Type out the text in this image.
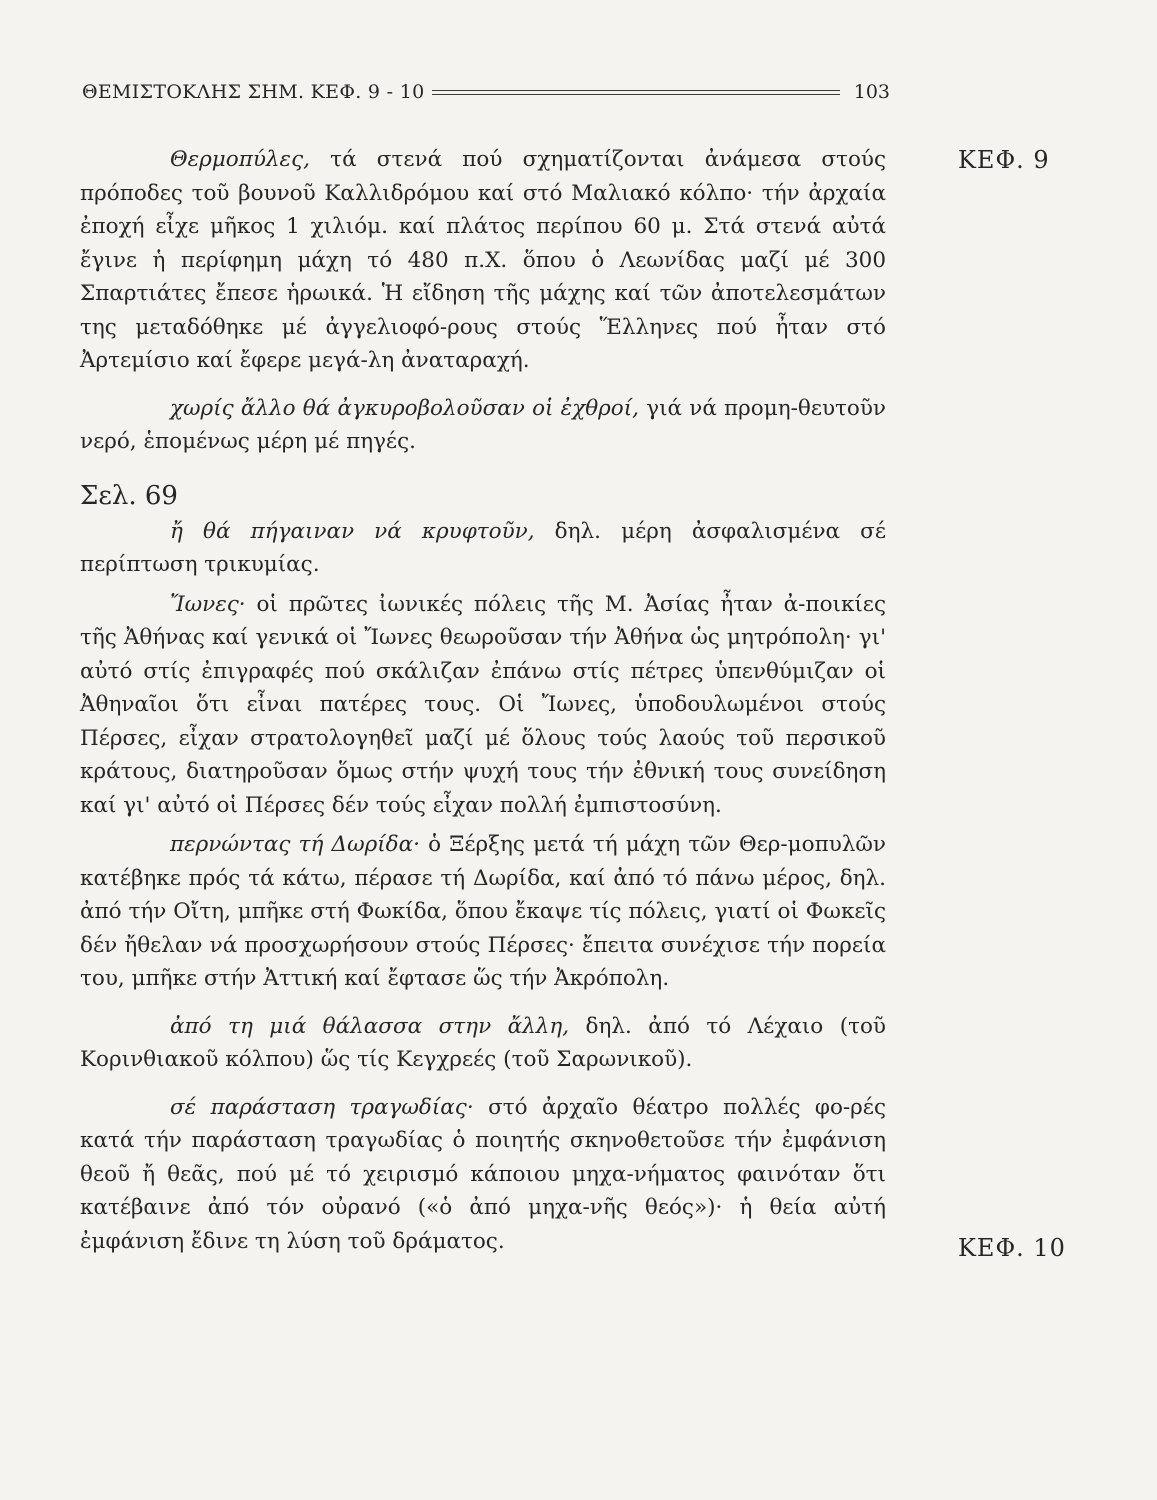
ΘΕΜΙΣΤΟΚΛΗΣ ΣΗΜ. ΚΕΦ. 9 - 10	103
ΚΕΦ. 9
ΚΕΦ. 10

Θερμοπύλες, τά στενά πού σχηματίζονται ἀνάμεσα στούς πρόποδες τοῦ βουνοῦ Καλλιδρόμου καί στό Μαλιακό κόλπο· τήν ἀρχαία ἐποχή εἶχε μῆκος 1 χιλιόμ. καί πλάτος περίπου 60 μ. Στά στενά αὐτά ἔγινε ἡ περίφημη μάχη τό 480 π.Χ. ὅπου ὁ Λεωνίδας μαζί μέ 300 Σπαρτιάτες ἔπεσε ἡρωικά. Ἡ εἴδηση τῆς μάχης καί τῶν ἀποτελεσμάτων της μεταδόθηκε μέ ἀγγελιοφό-ρους στούς Ἕλληνες πού ἦταν στό Ἀρτεμίσιο καί ἔφερε μεγά-λη ἀναταραχή.

χωρίς ἄλλο θά ἀγκυροβολοῦσαν οἱ ἐχθροί, γιά νά προμη-θευτοῦν νερό, ἑπομένως μέρη μέ πηγές.

Σελ. 69

ἤ θά πήγαιναν νά κρυφτοῦν, δηλ. μέρη ἀσφαλισμένα σέ περίπτωση τρικυμίας.

Ἴωνες· οἱ πρῶτες ἰωνικές πόλεις τῆς Μ. Ἀσίας ἦταν ἀ-ποικίες τῆς Ἀθήνας καί γενικά οἱ Ἴωνες θεωροῦσαν τήν Ἀθήνα ὡς μητρόπολη· γι' αὐτό στίς ἐπιγραφές πού σκάλιζαν ἐπάνω στίς πέτρες ὑπενθύμιζαν οἱ Ἀθηναῖοι ὅτι εἶναι πατέρες τους. Οἱ Ἴωνες, ὑποδουλωμένοι στούς Πέρσες, εἶχαν στρατολογηθεῖ μαζί μέ ὅλους τούς λαούς τοῦ περσικοῦ κράτους, διατηροῦσαν ὅμως στήν ψυχή τους τήν ἐθνική τους συνείδηση καί γι' αὐτό οἱ Πέρσες δέν τούς εἶχαν πολλή ἐμπιστοσύνη.

περνώντας τή Δωρίδα· ὁ Ξέρξης μετά τή μάχη τῶν Θερ-μοπυλῶν κατέβηκε πρός τά κάτω, πέρασε τή Δωρίδα, καί ἀπό τό πάνω μέρος, δηλ. ἀπό τήν Οἴτη, μπῆκε στή Φωκίδα, ὅπου ἔκαψε τίς πόλεις, γιατί οἱ Φωκεῖς δέν ἤθελαν νά προσχωρήσουν στούς Πέρσες· ἔπειτα συνέχισε τήν πορεία του, μπῆκε στήν Ἀττική καί ἔφτασε ὥς τήν Ἀκρόπολη.

ἀπό τη μιά θάλασσα στην ἄλλη, δηλ. ἀπό τό Λέχαιο (τοῦ Κορινθιακοῦ κόλπου) ὥς τίς Κεγχρεές (τοῦ Σαρωνικοῦ).

σέ παράσταση τραγωδίας· στό ἀρχαῖο θέατρο πολλές φο-ρές κατά τήν παράσταση τραγωδίας ὁ ποιητής σκηνοθετοῦσε τήν ἐμφάνιση θεοῦ ἤ θεᾶς, πού μέ τό χειρισμό κάποιου μηχα-νήματος φαινόταν ὅτι κατέβαινε ἀπό τόν οὐρανό («ὁ ἀπό μηχα-νῆς θεός»)· ἡ θεία αὐτή ἐμφάνιση ἔδινε τη λύση τοῦ δράματος.
